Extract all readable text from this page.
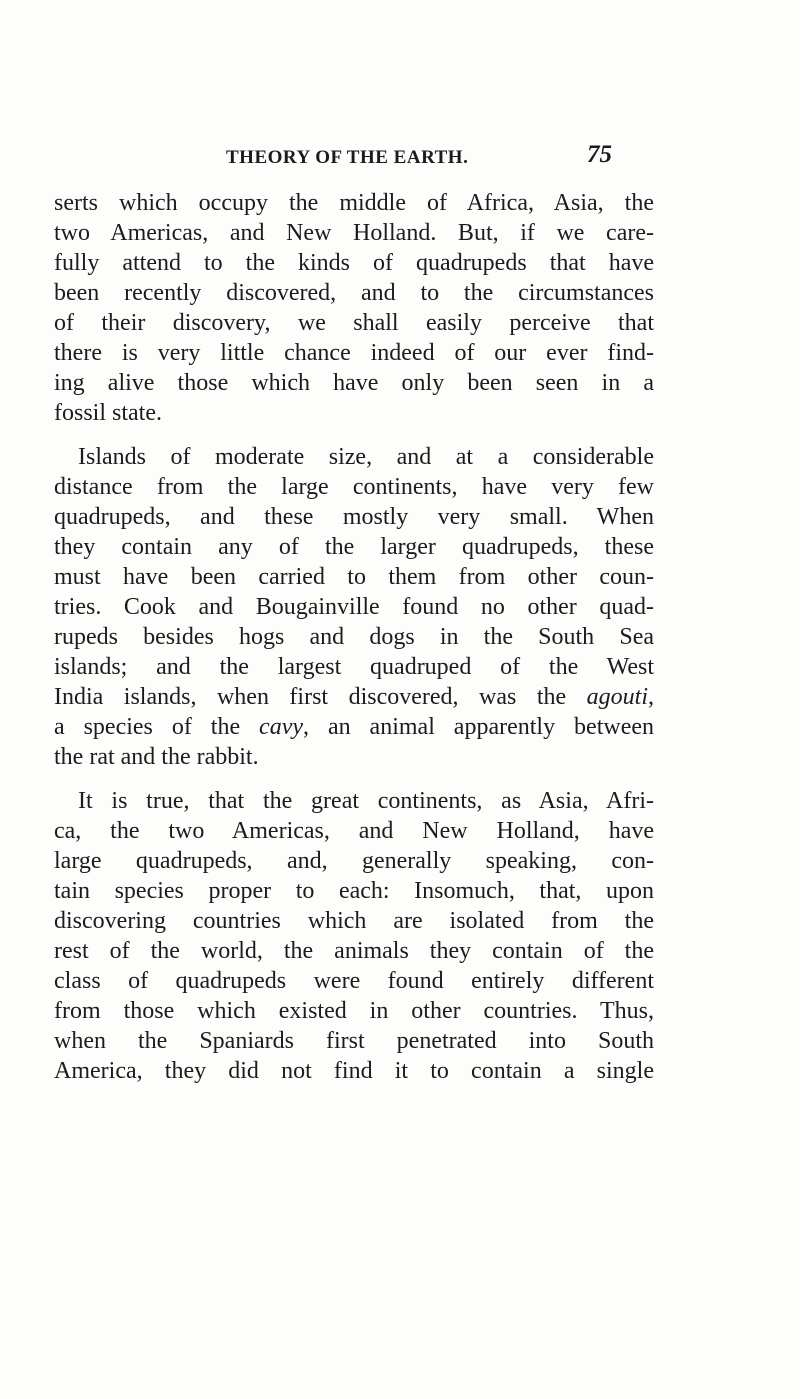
THEORY OF THE EARTH.	75
serts which occupy the middle of Africa, Asia, the
two Americas, and New Holland. But, if we care-
fully attend to the kinds of quadrupeds that have
been recently discovered, and to the circumstances
of their discovery, we shall easily perceive that
there is very little chance indeed of our ever find-
ing alive those which have only been seen in a
fossil state.
Islands of moderate size, and at a considerable
distance from the large continents, have very few
quadrupeds, and these mostly very small. When
they contain any of the larger quadrupeds, these
must have been carried to them from other coun-
tries. Cook and Bougainville found no other quad-
rupeds besides hogs and dogs in the South Sea
islands; and the largest quadruped of the West
India islands, when first discovered, was the agouti,
a species of the cavy, an animal apparently between
the rat and the rabbit.
It is true, that the great continents, as Asia, Afri-
ca, the two Americas, and New Holland, have
large quadrupeds, and, generally speaking, con-
tain species proper to each: Insomuch, that, upon
discovering countries which are isolated from the
rest of the world, the animals they contain of the
class of quadrupeds were found entirely different
from those which existed in other countries. Thus,
when the Spaniards first penetrated into South
America, they did not find it to contain a single
